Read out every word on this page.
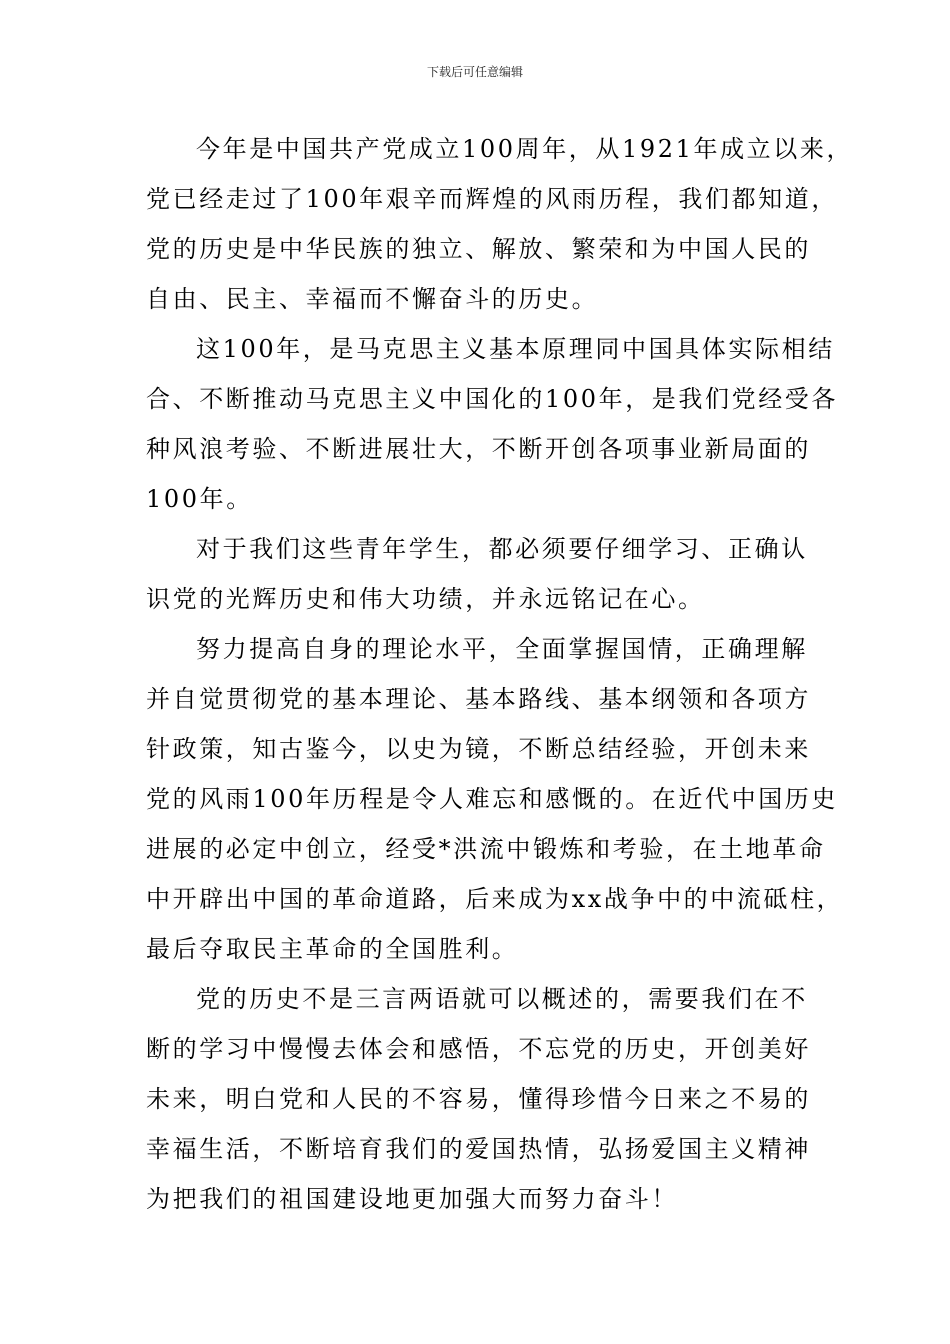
下载后可任意编辑

今年是中国共产党成立100周年，从1921年成立以来，
党已经走过了100年艰辛而辉煌的风雨历程，我们都知道，
党的历史是中华民族的独立、解放、繁荣和为中国人民的
自由、民主、幸福而不懈奋斗的历史。

这100年，是马克思主义基本原理同中国具体实际相结
合、不断推动马克思主义中国化的100年，是我们党经受各
种风浪考验、不断进展壮大，不断开创各项事业新局面的
100年。

对于我们这些青年学生，都必须要仔细学习、正确认
识党的光辉历史和伟大功绩，并永远铭记在心。

努力提高自身的理论水平，全面掌握国情，正确理解
并自觉贯彻党的基本理论、基本路线、基本纲领和各项方
针政策，知古鉴今，以史为镜，不断总结经验，开创未来
党的风雨100年历程是令人难忘和感慨的。在近代中国历史
进展的必定中创立，经受*洪流中锻炼和考验，在土地革命
中开辟出中国的革命道路，后来成为xx战争中的中流砥柱，
最后夺取民主革命的全国胜利。

党的历史不是三言两语就可以概述的，需要我们在不
断的学习中慢慢去体会和感悟，不忘党的历史，开创美好
未来，明白党和人民的不容易，懂得珍惜今日来之不易的
幸福生活，不断培育我们的爱国热情，弘扬爱国主义精神
为把我们的祖国建设地更加强大而努力奋斗！
